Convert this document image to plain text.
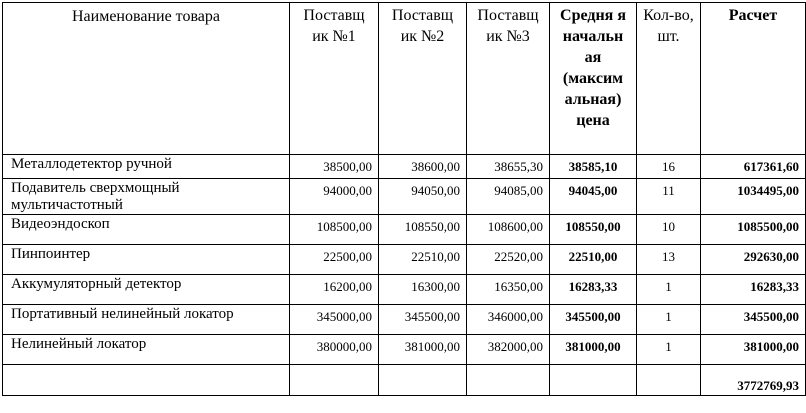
Наименование товара	Поставщ ик №1	Поставщ ик №2	Поставщ ик №3	Средня я начальн ая (максим альная) цена	Кол-во, шт.	Расчет
Металлодетектор ручной	38500,00	38600,00	38655,30	38585,10	16	617361,60
Подавитель сверхмощный мультичастотный	94000,00	94050,00	94085,00	94045,00	11	1034495,00
Видеоэндоскоп	108500,00	108550,00	108600,00	108550,00	10	1085500,00
Пинпоинтер	22500,00	22510,00	22520,00	22510,00	13	292630,00
Аккумуляторный детектор	16200,00	16300,00	16350,00	16283,33	1	16283,33
Портативный нелинейный локатор	345000,00	345500,00	346000,00	345500,00	1	345500,00
Нелинейный локатор	380000,00	381000,00	382000,00	381000,00	1	381000,00
						3772769,93
